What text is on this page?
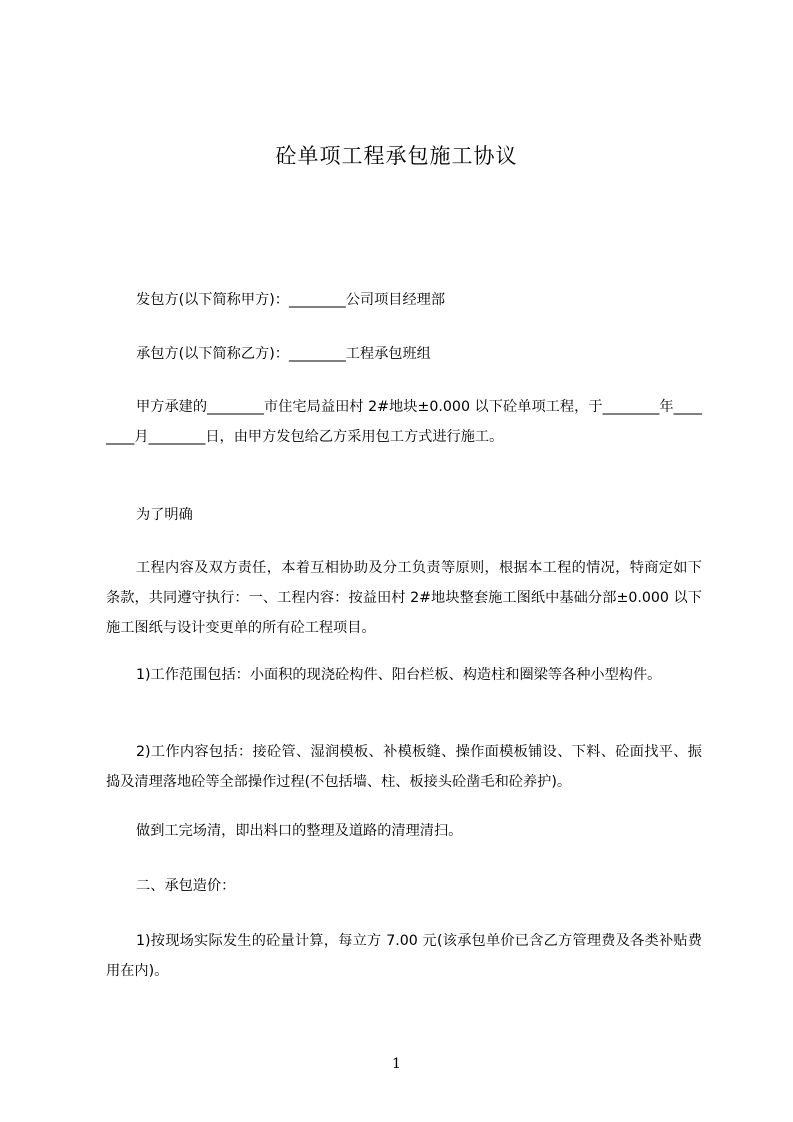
砼单项工程承包施工协议
发包方(以下简称甲方)：________公司项目经理部
承包方(以下简称乙方)：________工程承包班组
甲方承建的________市住宅局益田村 2#地块±0.000 以下砼单项工程，于________年________月________日，由甲方发包给乙方采用包工方式进行施工。
为了明确
工程内容及双方责任，本着互相协助及分工负责等原则，根据本工程的情况，特商定如下条款，共同遵守执行：一、工程内容：按益田村 2#地块整套施工图纸中基础分部±0.000 以下施工图纸与设计变更单的所有砼工程项目。
1)工作范围包括：小面积的现浇砼构件、阳台栏板、构造柱和圈梁等各种小型构件。
2)工作内容包括：接砼管、湿润模板、补模板缝、操作面模板铺设、下料、砼面找平、振捣及清理落地砼等全部操作过程(不包括墙、柱、板接头砼凿毛和砼养护)。
做到工完场清，即出料口的整理及道路的清理清扫。
二、承包造价：
1)按现场实际发生的砼量计算，每立方 7.00 元(该承包单价已含乙方管理费及各类补贴费用在内)。
1
